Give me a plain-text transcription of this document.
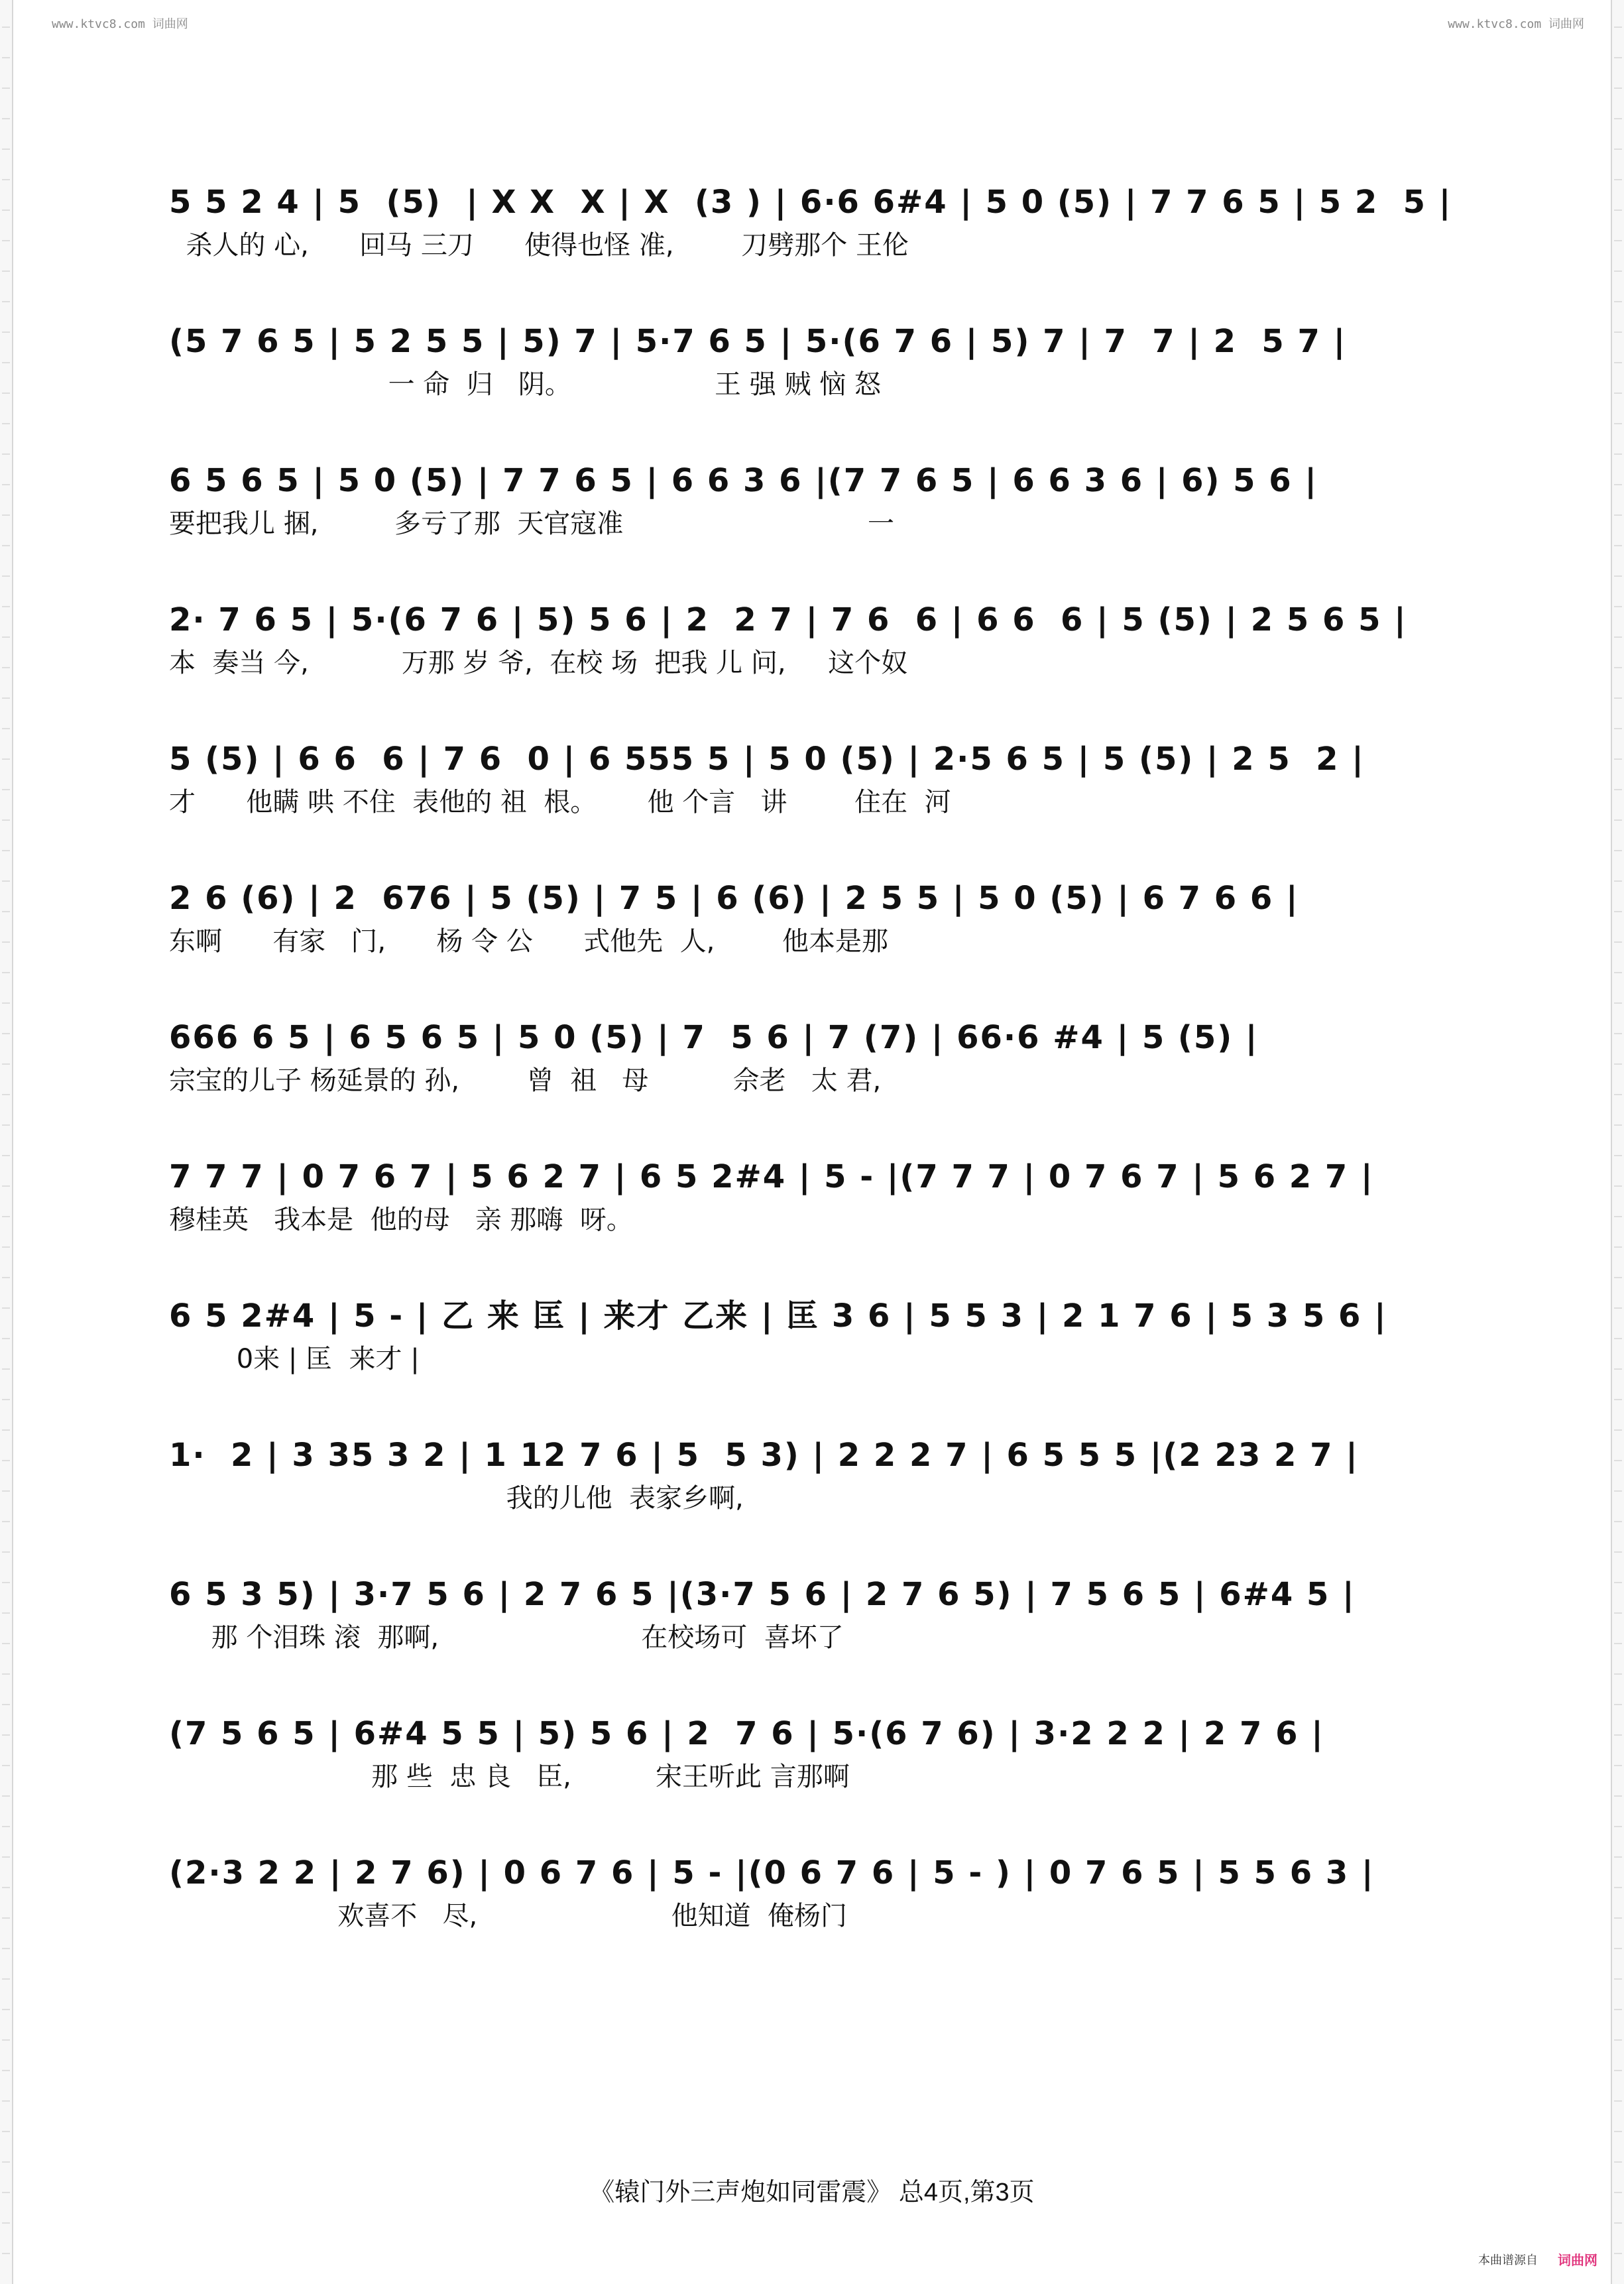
www.ktvc8.com 词曲网	www.ktvc8.com 词曲网
5 5 2 4 | 5  (5)  | X X  X | X  (3 ) | 6·6 6#4 | 5 0 (5) | 7 7 6 5 | 5 2  5 |
杀人的 心,      回马 三刀      使得也怪 准,        刀劈那个 王伦
(5 7 6 5 | 5 2 5 5 | 5) 7 | 5·7 6 5 | 5·(6 7 6 | 5) 7 | 7  7 | 2  5 7 |
一 命  归   阴。                 王 强 贼 恼 怒
6 5 6 5 | 5 0 (5) | 7 7 6 5 | 6 6 3 6 |(7 7 6 5 | 6 6 3 6 | 6) 5 6 |
要把我儿 捆,         多亏了那  天官寇准                             一
2· 7 6 5 | 5·(6 7 6 | 5) 5 6 | 2  2 7 | 7 6  6 | 6 6  6 | 5 (5) | 2 5 6 5 |
本  奏当 今,           万那 岁 爷,  在校 场  把我 儿 问,     这个奴
5 (5) | 6 6  6 | 7 6  0 | 6 555 5 | 5 0 (5) | 2·5 6 5 | 5 (5) | 2 5  2 |
才      他瞒 哄 不住  表他的 祖  根。      他 个言   讲        住在  河
2 6 (6) | 2  676 | 5 (5) | 7 5 | 6 (6) | 2 5 5 | 5 0 (5) | 6 7 6 6 |
东啊      有家   门,      杨 令 公      式他先  人,        他本是那
666 6 5 | 6 5 6 5 | 5 0 (5) | 7  5 6 | 7 (7) | 66·6 #4 | 5 (5) |
宗宝的儿子 杨延景的 孙,        曾  祖   母          佘老   太 君,
7 7 7 | 0 7 6 7 | 5 6 2 7 | 6 5 2#4 | 5 - |(7 7 7 | 0 7 6 7 | 5 6 2 7 |
穆桂英   我本是  他的母   亲 那嗨  呀。
6 5 2#4 | 5 - | 乙 来 匡 | 来才 乙来 | 匡 3 6 | 5 5 3 | 2 1 7 6 | 5 3 5 6 |
0来 | 匡  来才 |
1·  2 | 3 35 3 2 | 1 12 7 6 | 5  5 3) | 2 2 2 7 | 6 5 5 5 |(2 23 2 7 |
我的儿他  表家乡啊,
6 5 3 5) | 3·7 5 6 | 2 7 6 5 |(3·7 5 6 | 2 7 6 5) | 7 5 6 5 | 6#4 5 |
那 个泪珠 滚  那啊,                        在校场可  喜坏了
(7 5 6 5 | 6#4 5 5 | 5) 5 6 | 2  7 6 | 5·(6 7 6) | 3·2 2 2 | 2 7 6 |
那 些  忠 良   臣,          宋王听此 言那啊
(2·3 2 2 | 2 7 6) | 0 6 7 6 | 5 - |(0 6 7 6 | 5 - ) | 0 7 6 5 | 5 5 6 3 |
欢喜不   尽,                       他知道  俺杨门
《辕门外三声炮如同雷震》 总4页,第3页
本曲谱源自 词曲网
